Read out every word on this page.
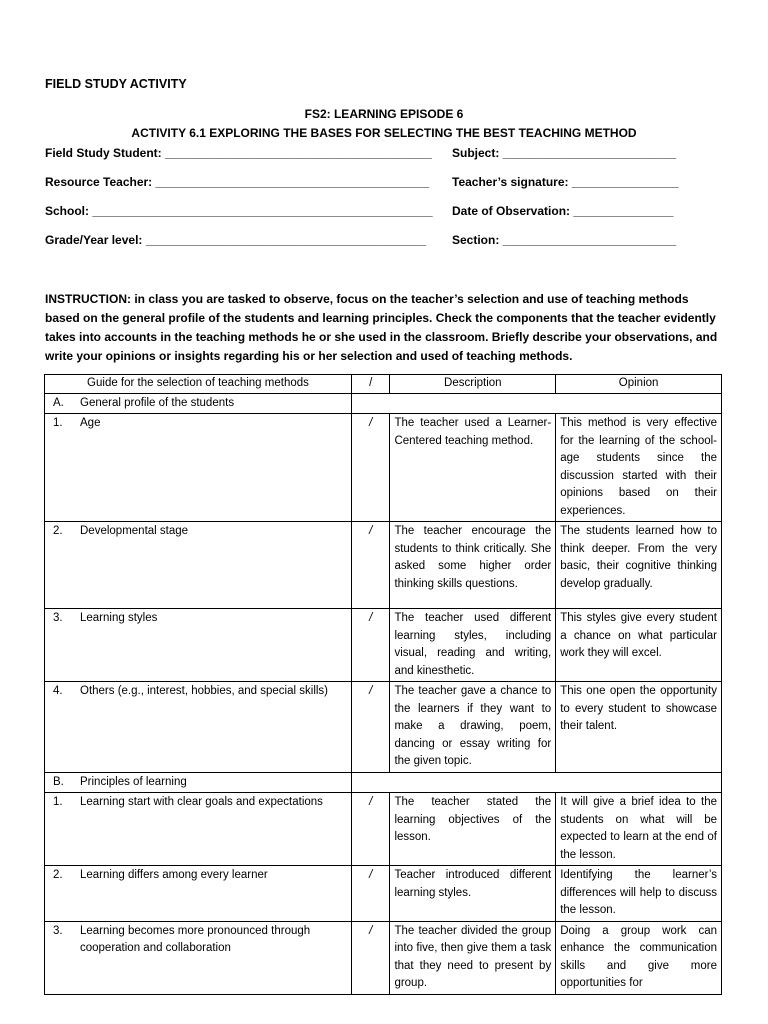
FIELD STUDY ACTIVITY
FS2: LEARNING EPISODE 6
ACTIVITY 6.1 EXPLORING THE BASES FOR SELECTING THE BEST TEACHING METHOD
Field Study Student: ________________________________________ Subject: __________________________
Resource Teacher: _________________________________________ Teacher’s signature: ________________
School: ___________________________________________________ Date of Observation: _______________
Grade/Year level: __________________________________________ Section: __________________________
INSTRUCTION: in class you are tasked to observe, focus on the teacher’s selection and use of teaching methods based on the general profile of the students and learning principles. Check the components that the teacher evidently takes into accounts in the teaching methods he or she used in the classroom. Briefly describe your observations, and write your opinions or insights regarding his or her selection and used of teaching methods.
Guide for the selection of teaching methods	/	Description	Opinion

A. General profile of the students			

1. Age	/	The teacher used a Learner-Centered teaching method.	This method is very effective for the learning of the school-age students since the discussion started with their opinions based on their experiences.

2. Developmental stage	/	The teacher encourage the students to think critically. She asked some higher order thinking skills questions.	The students learned how to think deeper. From the very basic, their cognitive thinking develop gradually.

3. Learning styles	/	The teacher used different learning styles, including visual, reading and writing, and kinesthetic.	This styles give every student a chance on what particular work they will excel.

4. Others (e.g., interest, hobbies, and special skills)	/	The teacher gave a chance to the learners if they want to make a drawing, poem, dancing or essay writing for the given topic.	This one open the opportunity to every student to showcase their talent.

B. Principles of learning			

1. Learning start with clear goals and expectations	/	The teacher stated the learning objectives of the lesson.	It will give a brief idea to the students on what will be expected to learn at the end of the lesson.

2. Learning differs among every learner	/	Teacher introduced different learning styles.	Identifying the learner’s differences will help to discuss the lesson.

3. Learning becomes more pronounced through cooperation and collaboration	/	The teacher divided the group into five, then give them a task that they need to present by group.	Doing a group work can enhance the communication skills and give more opportunities for
